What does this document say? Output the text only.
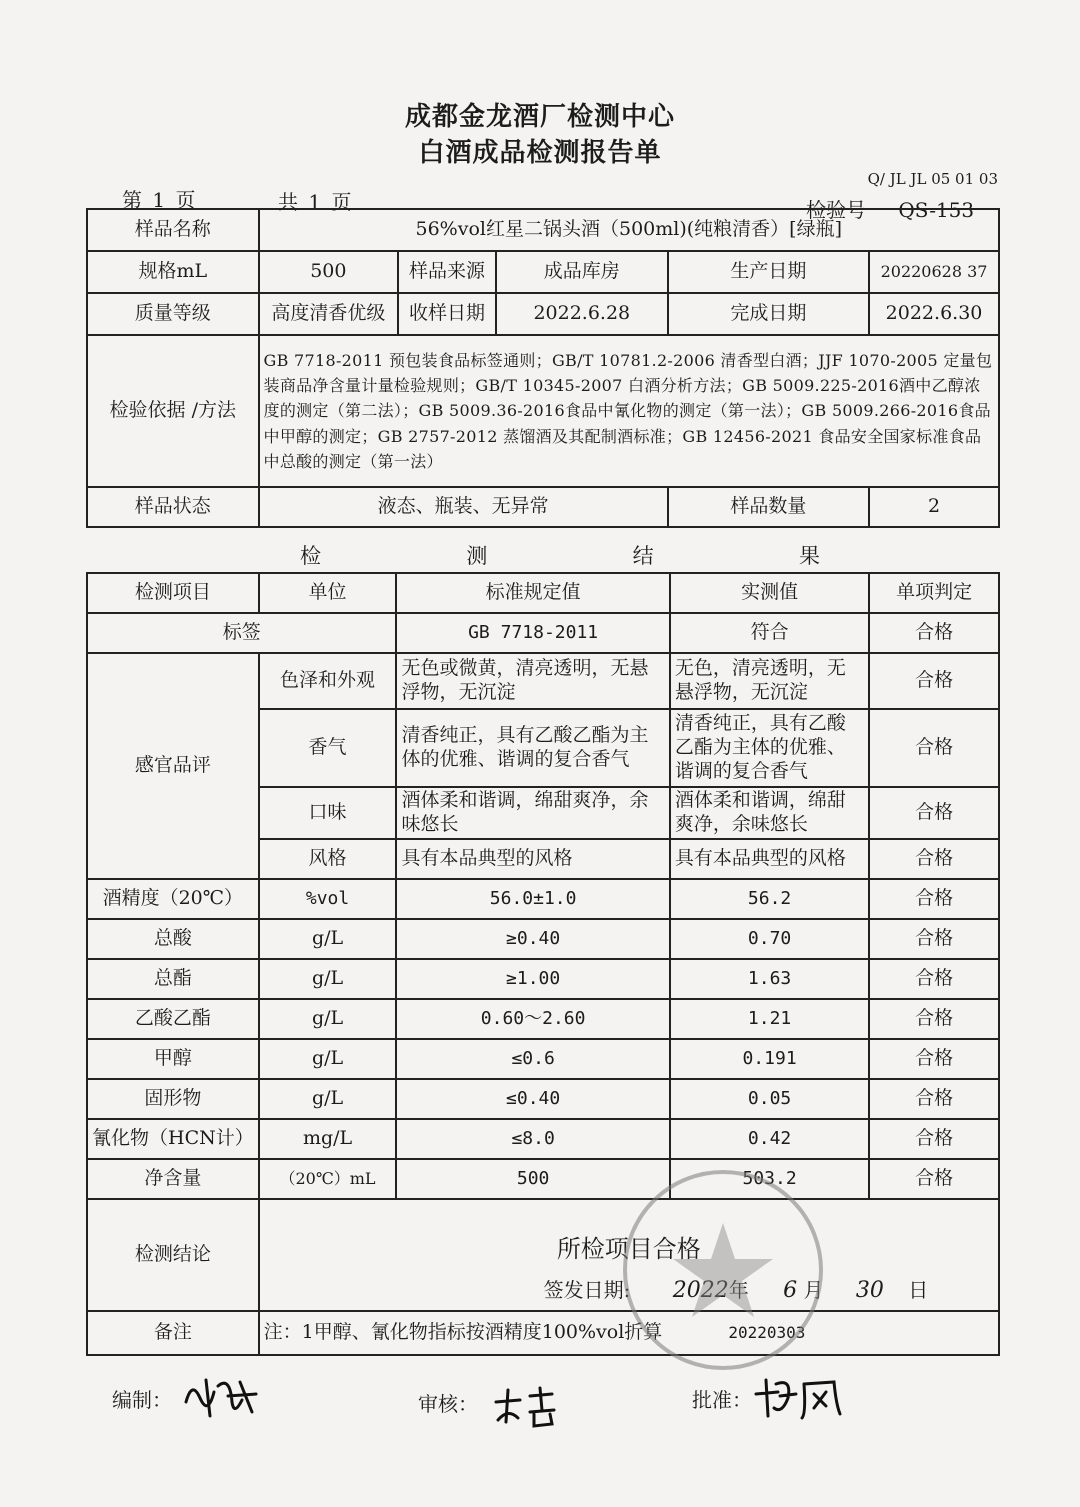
成都金龙酒厂检测中心
白酒成品检测报告单
Q/ JL JL 05 01 03
第 1 页	共 1 页	检验号 QS-153
样品名称	56%vol红星二锅头酒（500ml)(纯粮清香）[绿瓶]				
规格mL	500	样品来源	成品库房	生产日期	20220628 37
质量等级	高度清香优级	收样日期	2022.6.28	完成日期	2022.6.30
检验依据 /方法	GB 7718-2011 预包装食品标签通则；GB/T 10781.2-2006 清香型白酒；JJF 1070-2005 定量包装商品净含量计量检验规则；GB/T 10345-2007 白酒分析方法；GB 5009.225-2016酒中乙醇浓度的测定（第二法）；GB 5009.36-2016食品中氰化物的测定（第一法）；GB 5009.266-2016食品中甲醇的测定；GB 2757-2012 蒸馏酒及其配制酒标准；GB 12456-2021 食品安全国家标准食品中总酸的测定（第一法）				
样品状态	液态、瓶装、无异常			样品数量	2
检	测	结	果
检测项目	单位	标准规定值	实测值	单项判定
标签		GB 7718-2011	符合	合格
感官品评	色泽和外观	无色或微黄，清亮透明，无悬浮物，无沉淀	无色，清亮透明，无悬浮物，无沉淀	合格
	香气	清香纯正，具有乙酸乙酯为主体的优雅、谐调的复合香气	清香纯正，具有乙酸乙酯为主体的优雅、谐调的复合香气	合格
	口味	酒体柔和谐调，绵甜爽净，余味悠长	酒体柔和谐调，绵甜爽净，余味悠长	合格
	风格	具有本品典型的风格	具有本品典型的风格	合格
酒精度（20℃）	%vol	56.0±1.0	56.2	合格
总酸	g/L	≥0.40	0.70	合格
总酯	g/L	≥1.00	1.63	合格
乙酸乙酯	g/L	0.60～2.60	1.21	合格
甲醇	g/L	≤0.6	0.191	合格
固形物	g/L	≤0.40	0.05	合格
氰化物（HCN计）	mg/L	≤8.0	0.42	合格
净含量	（20℃）mL	500	503.2	合格
检测结论	所检项目合格			

	签发日期: 2022年 6 月 30 日			

备注	注：1甲醇、氰化物指标按酒精度100%vol折算 20220303			
编制：	审核：	批准：
